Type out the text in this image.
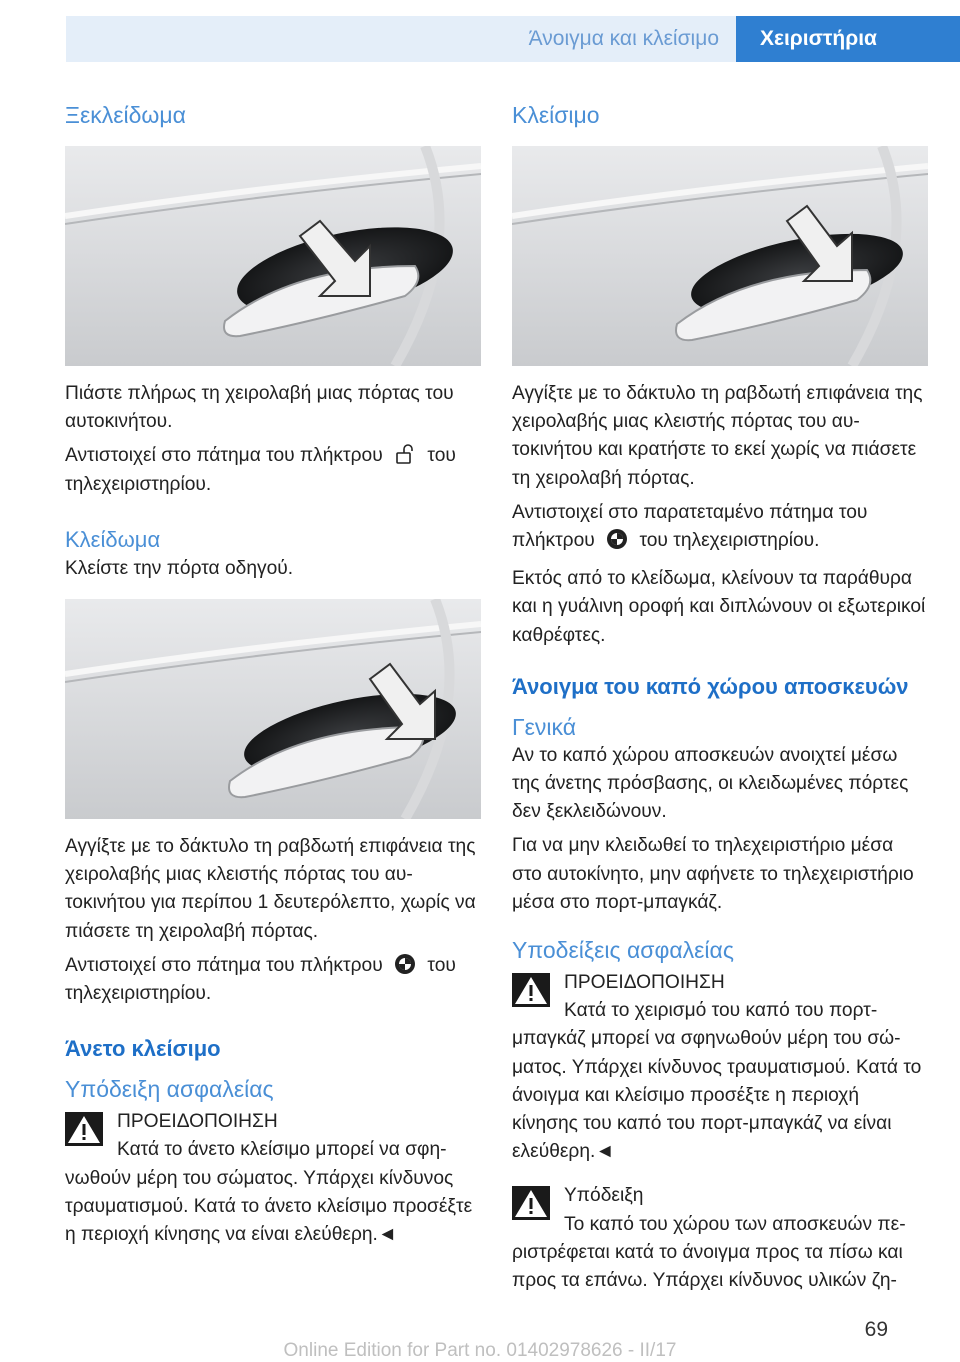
Άνοιγμα και κλείσιμο	Χειριστήρια
Ξεκλείδωμα

Πιάστε πλήρως τη χειρολαβή μιας πόρτας του αυτοκινήτου.

Αντιστοιχεί στο πάτημα του πλήκτρου του τηλεχειριστηρίου.

Κλείδωμα

Κλείστε την πόρτα οδηγού.

Αγγίξτε με το δάκτυλο τη ραβδωτή επιφάνεια της χειρολαβής μιας κλειστής πόρτας του αυτοκινήτου για περίπου 1 δευτερόλεπτο, χωρίς να πιάσετε τη χειρολαβή πόρτας.

Αντιστοιχεί στο πάτημα του πλήκτρου του τηλεχειριστηρίου.

Άνετο κλείσιμο
Υπόδειξη ασφαλείας

ΠΡΟΕΙΔΟΠΟΙΗΣΗ

Κατά το άνετο κλείσιμο μπορεί να σφηνωθούν μέρη του σώματος. Υπάρχει κίνδυνος τραυματισμού. Κατά το άνετο κλείσιμο προσέξτε η περιοχή κίνησης να είναι ελεύθερη.◄

Κλείσιμο

Αγγίξτε με το δάκτυλο τη ραβδωτή επιφάνεια της χειρολαβής μιας κλειστής πόρτας του αυτοκινήτου και κρατήστε το εκεί χωρίς να πιάσετε τη χειρολαβή πόρτας.

Αντιστοιχεί στο παρατεταμένο πάτημα του πλήκτρου του τηλεχειριστηρίου.

Εκτός από το κλείδωμα, κλείνουν τα παράθυρα και η γυάλινη οροφή και διπλώνουν οι εξωτερικοί καθρέφτες.

Άνοιγμα του καπό χώρου αποσκευών
Γενικά

Αν το καπό χώρου αποσκευών ανοιχτεί μέσω της άνετης πρόσβασης, οι κλειδωμένες πόρτες δεν ξεκλειδώνουν.

Για να μην κλειδωθεί το τηλεχειριστήριο μέσα στο αυτοκίνητο, μην αφήνετε το τηλεχειριστήριο μέσα στο πορτ-μπαγκάζ.

Υποδείξεις ασφαλείας

ΠΡΟΕΙΔΟΠΟΙΗΣΗ

Κατά το χειρισμό του καπό του πορτμπαγκάζ μπορεί να σφηνωθούν μέρη του σώματος. Υπάρχει κίνδυνος τραυματισμού. Κατά το άνοιγμα και κλείσιμο προσέξτε η περιοχή κίνησης του καπό του πορτ-μπαγκάζ να είναι ελεύθερη.◄

Υπόδειξη

Το καπό του χώρου των αποσκευών περιστρέφεται κατά το άνοιγμα προς τα πίσω και προς τα επάνω. Υπάρχει κίνδυνος υλικών ζη-

69
Online Edition for Part no. 01402978626 - II/17
